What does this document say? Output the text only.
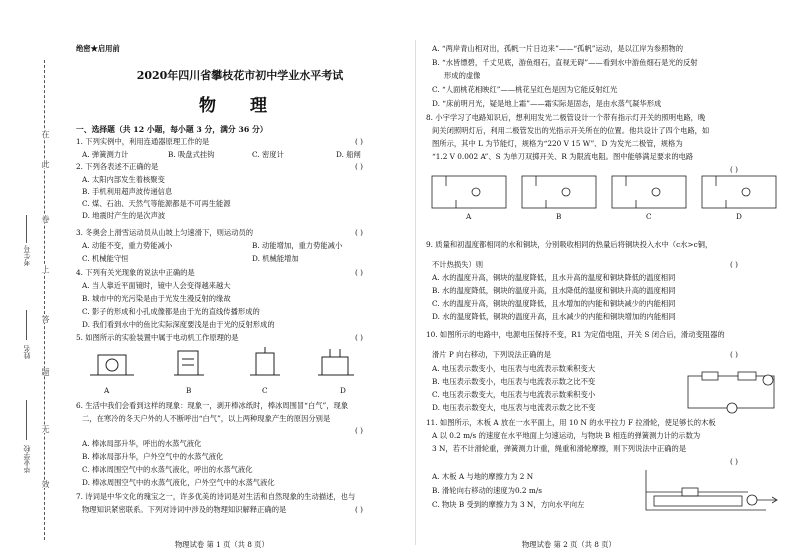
在
此
卷
上
答
题
无
效
考生号
姓名
毕业学校
绝密★启用前
2020年四川省攀枝花市初中学业水平考试
物 理
一、选择题（共 12 小题，每小题 3 分，满分 36 分）
1. 下列实例中，利用连通器原理工作的是	( )
A. 弹簧测力计	B. 吸盘式挂钩	C. 密度计	D. 船闸
2. 下列各表述不正确的是	( )
A. 太阳内部发生着核聚变
B. 手机利用超声波传递信息
C. 煤、石油、天然气等能源都是不可再生能源
D. 地震时产生的是次声波
3. 冬奥会上滑雪运动员从山坡上匀速滑下，则运动员的	( )
A. 动能不变，重力势能减小	B. 动能增加，重力势能减小
C. 机械能守恒	D. 机械能增加
4. 下列有关光现象的说法中正确的是	( )
A. 当人靠近平面镜时，镜中人会变得越来越大
B. 城市中的光污染是由于光发生漫反射的缘故
C. 影子的形成和小孔成像都是由于光的直线传播形成的
D. 我们看到水中的鱼比实际深度要浅是由于光的反射形成的
5. 如图所示的实验装置中属于电动机工作原理的是	( )
A	B	C	D
6. 生活中我们会看到这样的现象：现象一，剥开棒冰纸时，棒冰周围冒“白气”，现象
二，在寒冷的冬天户外的人不断呼出“白气”，以上两种现象产生的原因分别是
( )
A. 棒冰局部升华，呼出的水蒸气液化
B. 棒冰局部升华，户外空气中的水蒸气液化
C. 棒冰周围空气中的水蒸气液化，呼出的水蒸气液化
D. 棒冰周围空气中的水蒸气液化，户外空气中的水蒸气液化
7. 诗词是中华文化的瑰宝之一，许多优美的诗词是对生活和自然现象的生动描述，也与
物理知识紧密联系。下列对诗词中涉及的物理知识解释正确的是	( )
物理试卷 第 1 页（共 8 页）
A. “两岸青山相对出，孤帆一片日边来”——“孤帆”运动，是以江岸为参照物的
B. “水皆缥碧，千丈见底，游鱼细石，直视无碍”——看到水中游鱼细石是光的反射
形成的虚像
C. “人面桃花相映红”——桃花呈红色是因为它能反射红光
D. “床前明月光，疑是地上霜”——霜实际是固态，是由水蒸气凝华形成
8. 小宇学习了电路知识后，想利用发光二极管设计一个带有指示灯开关的照明电路，晚
间关闭照明灯后，利用二极管发出的光指示开关所在的位置。他共设计了四个电路，如
图所示，其中 L 为节能灯，规格为“220 V 15 W”、D 为发光二极管，规格为
“1.2 V 0.002 A”、S 为单刀双掷开关、R 为限流电阻。图中能够满足要求的电路
( )
A	B	C	D
9. 质量和初温度都相同的水和铜块，分别吸收相同的热量后将铜块投入水中（c水>c铜，
不计热损失）则	( )
A. 水的温度升高，铜块的温度降低，且水升高的温度和铜块降低的温度相同
B. 水的温度降低，铜块的温度升高，且水降低的温度和铜块升高的温度相同
C. 水的温度升高，铜块的温度降低，且水增加的内能和铜块减少的内能相同
D. 水的温度降低，铜块的温度升高，且水减少的内能和铜块增加的内能相同
10. 如图所示的电路中，电源电压保持不变，R1 为定值电阻，开关 S 闭合后，滑动变阻器的
滑片 P 向右移动，下列说法正确的是	( )
A. 电压表示数变小，电压表与电流表示数乘积变大
B. 电压表示数变小，电压表与电流表示数之比不变
C. 电压表示数变大，电压表与电流表示数乘积变小
D. 电压表示数变大，电压表与电流表示数之比不变
11. 如图所示，木板 A 放在一水平面上，用 10 N 的水平拉力 F 拉滑轮，使足够长的木板
A 以 0.2 m/s 的速度在水平地面上匀速运动，与物块 B 相连的弹簧测力计的示数为
3 N，若不计滑轮重，弹簧测力计重，绳重和滑轮摩擦，则下列说法中正确的是
( )
A. 木板 A 与地的摩擦力为 2 N
B. 滑轮向右移动的速度为0.2 m/s
C. 物块 B 受到的摩擦力为 3 N，方向水平向左
物理试卷 第 2 页（共 8 页）
